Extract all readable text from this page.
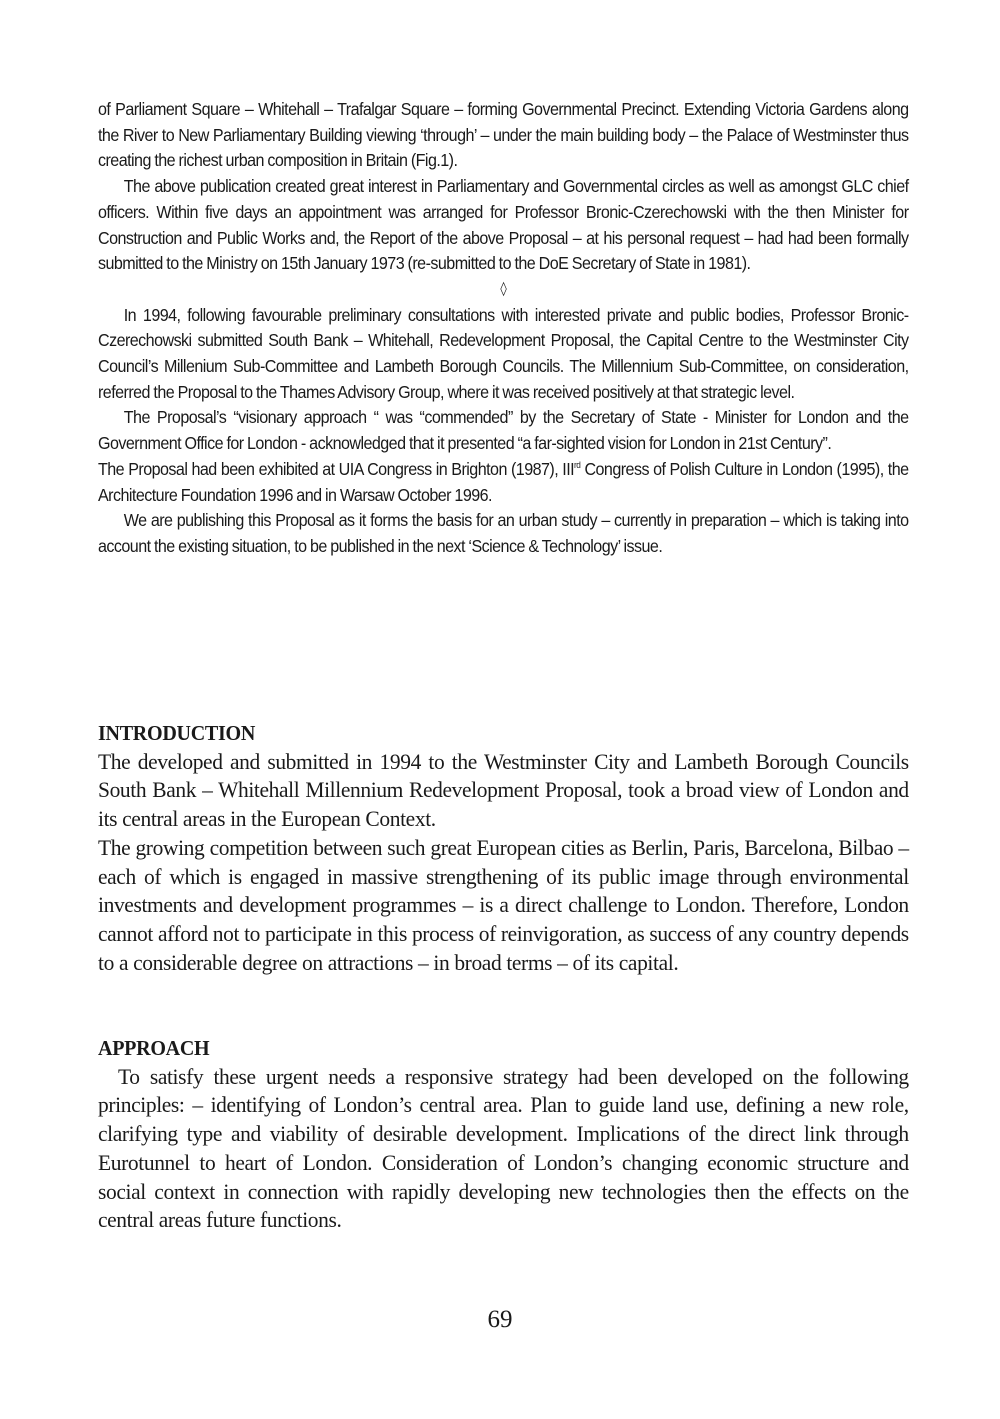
of Parliament Square – Whitehall – Trafalgar Square – forming Governmental Precinct. Extending Victoria Gardens along the River to New Parliamentary Building viewing ‘through’ – under the main building body – the Palace of Westminster thus creating the richest urban composition in Britain (Fig.1).

The above publication created great interest in Parliamentary and Governmental circles as well as amongst GLC chief officers. Within five days an appointment was arranged for Professor Bronic-Czerechowski with the then Minister for Construction and Public Works and, the Report of the above Proposal – at his personal request – had had been formally submitted to the Ministry on 15th January 1973 (re-submitted to the DoE Secretary of State in 1981).

◊

In 1994, following favourable preliminary consultations with interested private and public bodies, Professor Bronic-Czerechowski submitted South Bank – Whitehall, Redevelopment Proposal, the Capital Centre to the Westminster City Council’s Millenium Sub-Committee and Lambeth Borough Councils. The Millennium Sub-Committee, on consideration, referred the Proposal to the Thames Advisory Group, where it was received positively at that strategic level.

The Proposal’s “visionary approach “ was “commended” by the Secretary of State - Minister for London and the Government Office for London - acknowledged that it presented “a far-sighted vision for London in 21st Century”.

The Proposal had been exhibited at UIA Congress in Brighton (1987), IIIrd Congress of Polish Culture in London (1995), the Architecture Foundation 1996 and in Warsaw October 1996.

We are publishing this Proposal as it forms the basis for an urban study – currently in preparation – which is taking into account the existing situation, to be published in the next ‘Science & Technology’ issue.

INTRODUCTION

The developed and submitted in 1994 to the Westminster City and Lambeth Borough Councils South Bank – Whitehall Millennium Redevelopment Proposal, took a broad view of London and its central areas in the European Context.

The growing competition between such great European cities as Berlin, Paris, Barcelona, Bilbao – each of which is engaged in massive strengthening of its public image through environmental investments and development programmes – is a direct challenge to London. Therefore, London cannot afford not to participate in this process of reinvigoration, as success of any country depends to a considerable degree on attractions – in broad terms – of its capital.

APPROACH

To satisfy these urgent needs a responsive strategy had been developed on the following principles: – identifying of London’s central area. Plan to guide land use, defining a new role, clarifying type and viability of desirable development. Implications of the direct link through Eurotunnel to heart of London. Consideration of London’s changing economic structure and social context in connection with rapidly developing new technologies then the effects on the central areas future functions.

69
